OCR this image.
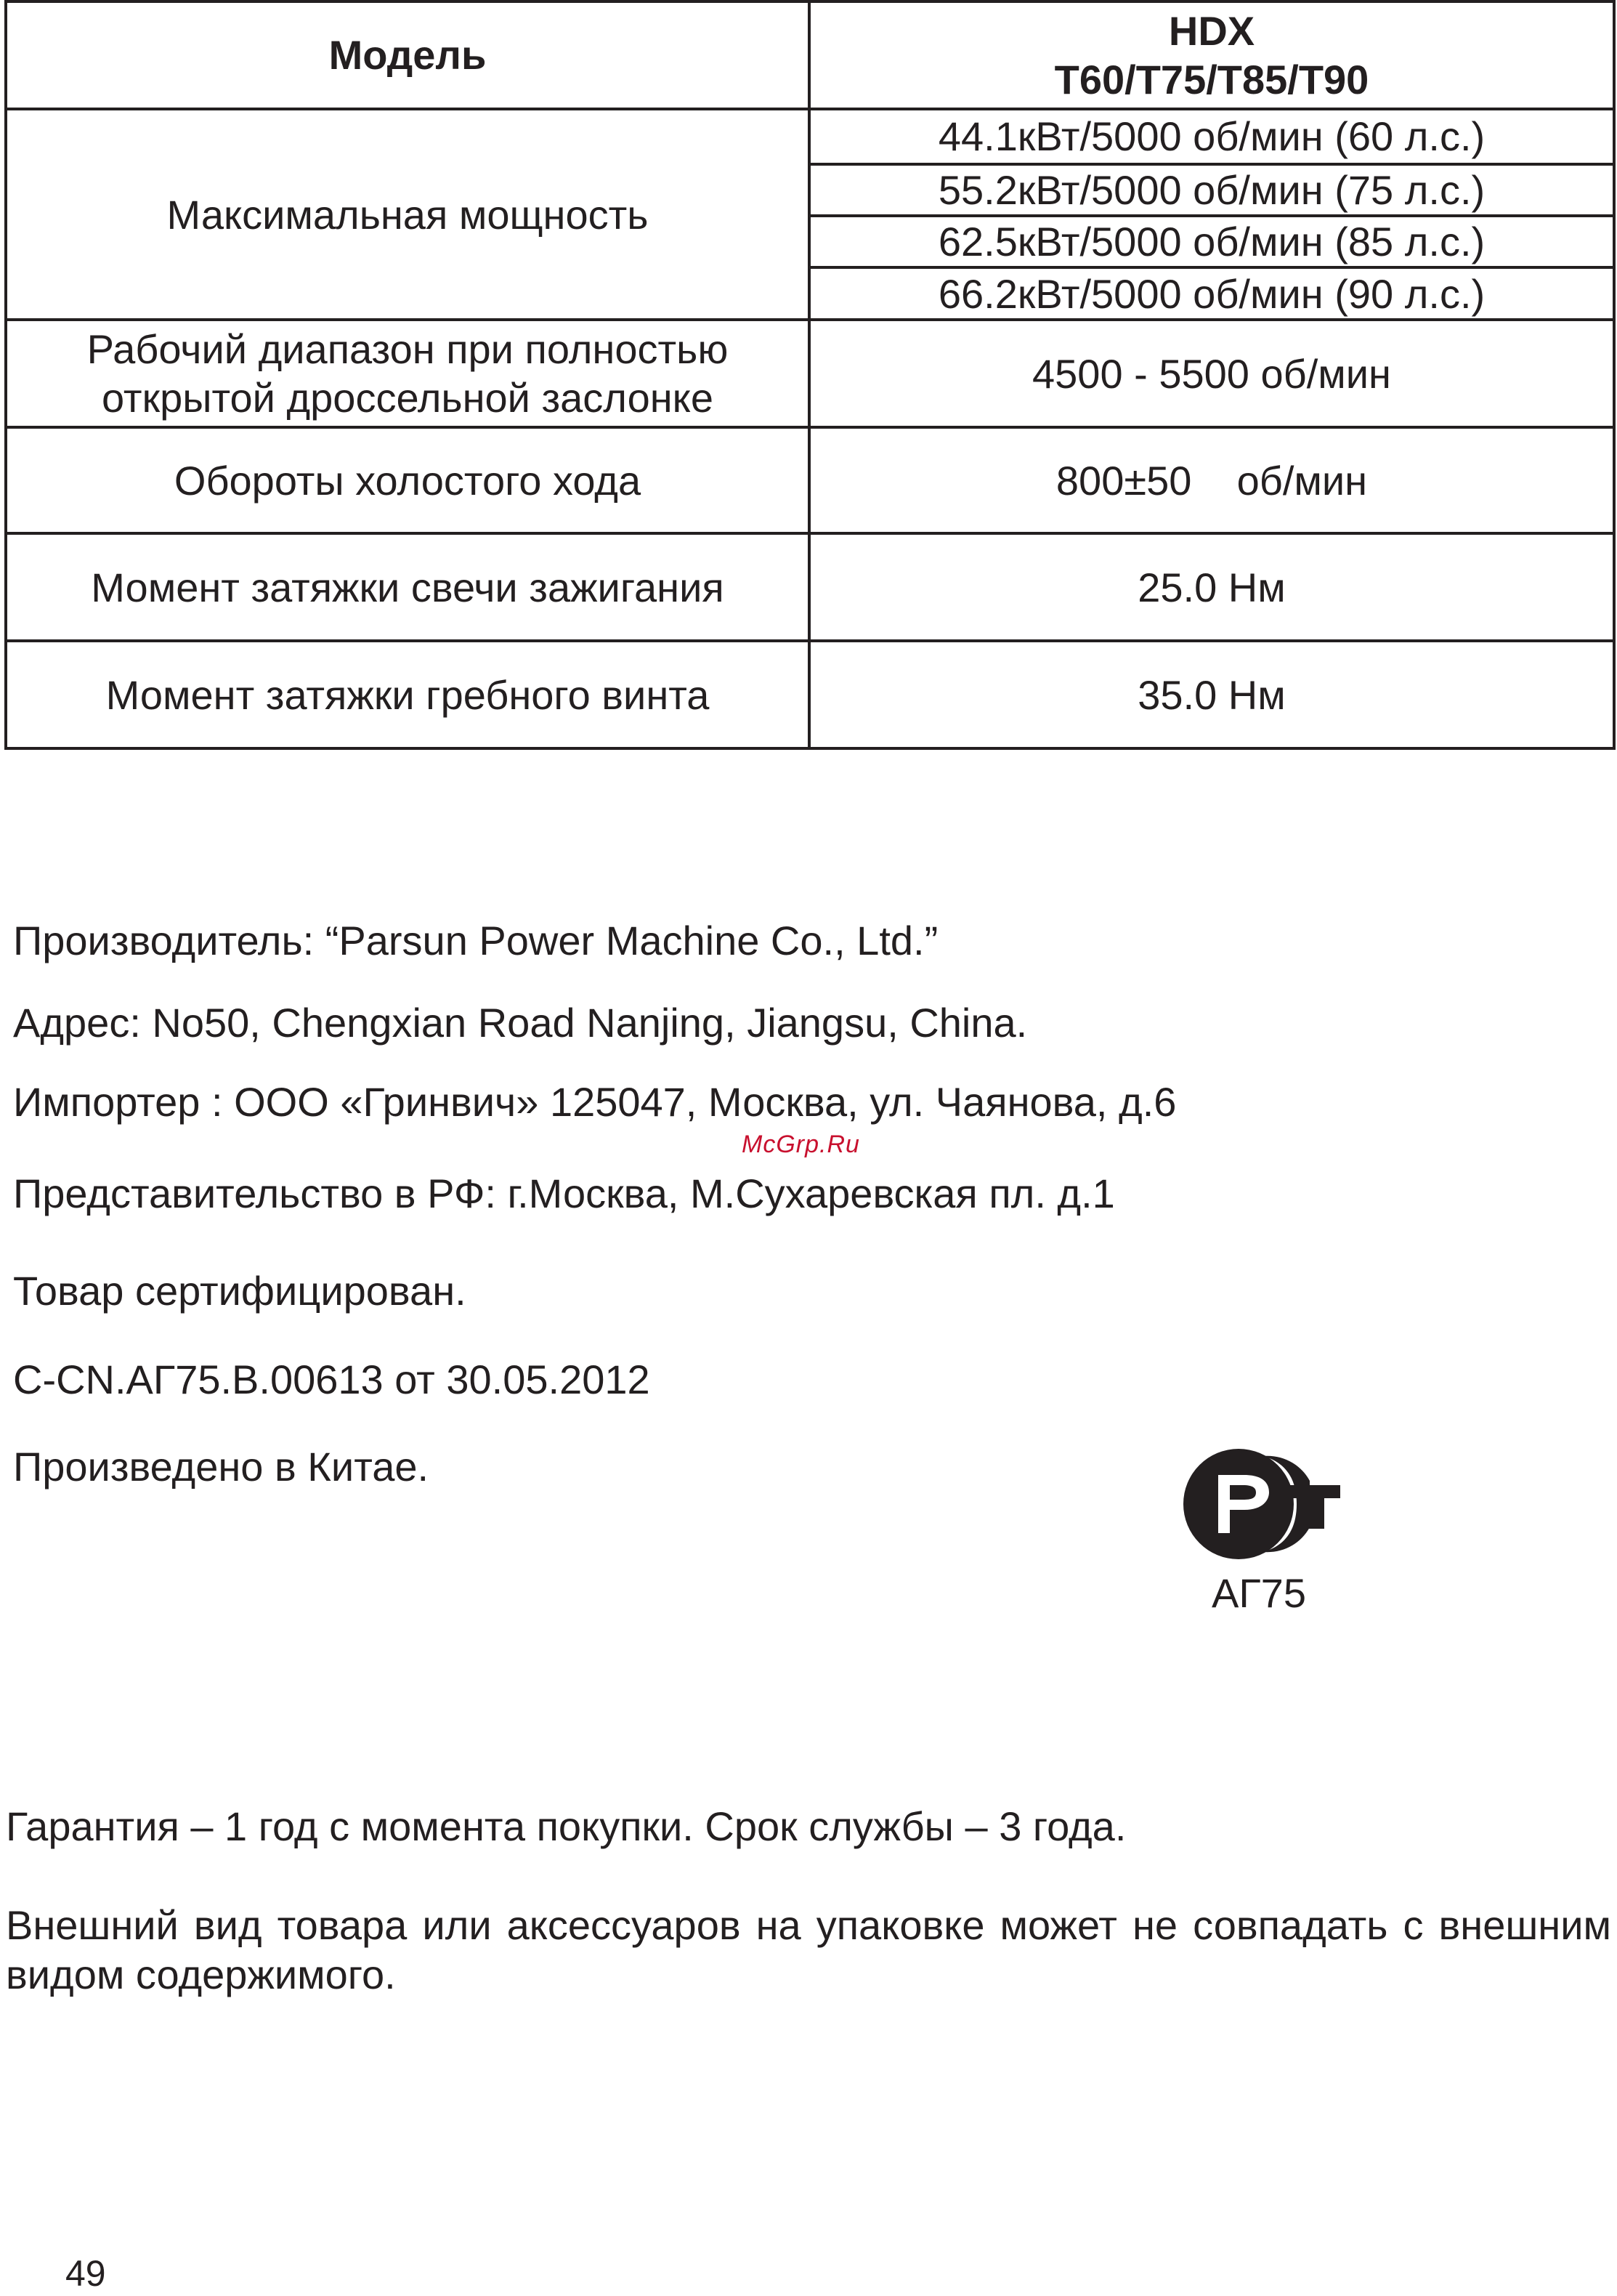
Модель	HDX
T60/T75/T85/T90

Максимальная мощность	44.1кВт/5000 об/мин (60 л.с.)
	55.2кВт/5000 об/мин (75 л.с.)
	62.5кВт/5000 об/мин (85 л.с.)
	66.2кВт/5000 об/мин (90 л.с.)

Рабочий диапазон при полностью
открытой дроссельной заслонке	4500 - 5500 об/мин
Обороты холостого хода	800±50    об/мин
Момент затяжки свечи зажигания	25.0 Нм
Момент затяжки гребного винта	35.0 Нм
Производитель: “Parsun Power Machine Co., Ltd.”
Адрес: No50, Chengxian Road Nanjing, Jiangsu, China.
Импортер : ООО «Гринвич» 125047, Москва, ул. Чаянова, д.6
McGrp.Ru
Представительство в РФ: г.Москва, М.Сухаревская пл. д.1
Товар сертифицирован.
C-CN.АГ75.В.00613 от 30.05.2012
Произведено в Китае.
АГ75
Гарантия – 1 год с момента покупки. Срок службы – 3 года.
Внешний вид товара или аксессуаров на упаковке может не совпадать с внешним видом содержимого.
49
